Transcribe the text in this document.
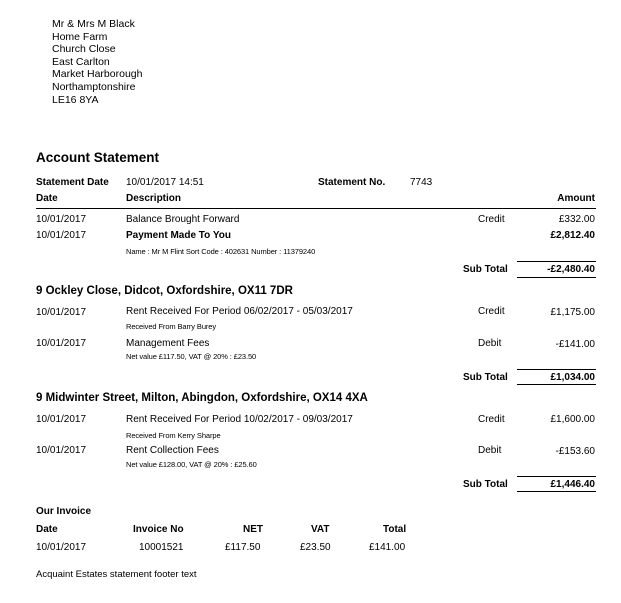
Mr & Mrs M Black
Home Farm
Church Close
East Carlton
Market Harborough
Northamptonshire
LE16 8YA
Account Statement
Statement Date 10/01/2017 14:51	Statement No. 7743
Date	Description	Amount
10/01/2017	Balance Brought Forward	Credit	£332.00
10/01/2017	Payment Made To You	£2,812.40
Name : Mr M Flint Sort Code : 402631 Number : 11379240
Sub Total	-£2,480.40
9 Ockley Close, Didcot, Oxfordshire, OX11 7DR
10/01/2017	Rent Received For Period 06/02/2017 - 05/03/2017	Credit	£1,175.00
Received From Barry Burey
10/01/2017	Management Fees	Debit	-£141.00
Net value £117.50, VAT @ 20% : £23.50
Sub Total	£1,034.00
9 Midwinter Street, Milton, Abingdon, Oxfordshire, OX14 4XA
10/01/2017	Rent Received For Period 10/02/2017 - 09/03/2017	Credit	£1,600.00
Received From Kerry Sharpe
10/01/2017	Rent Collection Fees	Debit	-£153.60
Net value £128.00, VAT @ 20% : £25.60
Sub Total	£1,446.40
Our Invoice
Date	Invoice No	NET	VAT	Total
10/01/2017	10001521	£117.50	£23.50	£141.00
Acquaint Estates statement footer text
